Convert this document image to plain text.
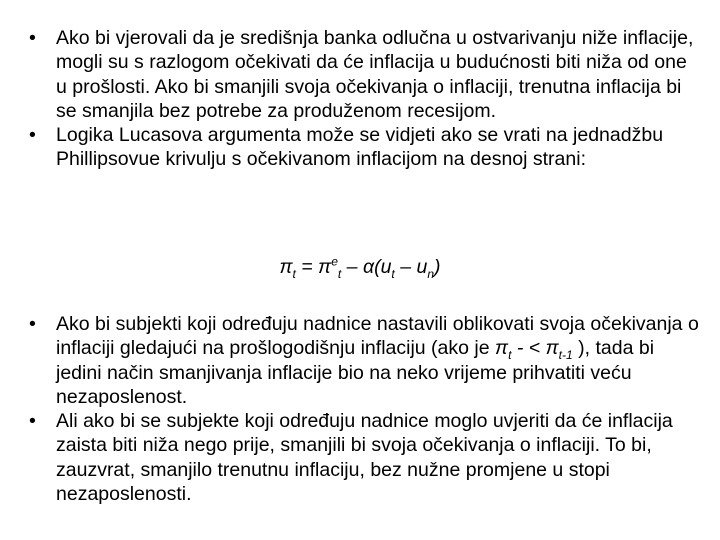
• Ako bi vjerovali da je središnja banka odlučna u ostvarivanju niže inflacije, mogli su s razlogom očekivati da će inflacija u budućnosti biti niža od one u prošlosti. Ako bi smanjili svoja očekivanja o inflaciji, trenutna inflacija bi se smanjila bez potrebe za produženom recesijom.

• Logika Lucasova argumenta može se vidjeti ako se vrati na jednadžbu Phillipsovue krivulju s očekivanom inflacijom na desnoj strani:

$\pi_t = \pi^e_t - \alpha(u_t - u_n)$

• Ako bi subjekti koji određuju nadnice nastavili oblikovati svoja očekivanja o inflaciji gledajući na prošlogodišnju inflaciju (ako je $\pi_t$ - < $\pi_{t-1}$ ), tada bi jedini način smanjivanja inflacije bio na neko vrijeme prihvatiti veću nezaposlenost.

• Ali ako bi se subjekte koji određuju nadnice moglo uvjeriti da će inflacija zaista biti niža nego prije, smanjili bi svoja očekivanja o inflaciji. To bi, zauzvrat, smanjilo trenutnu inflaciju, bez nužne promjene u stopi nezaposlenosti.
